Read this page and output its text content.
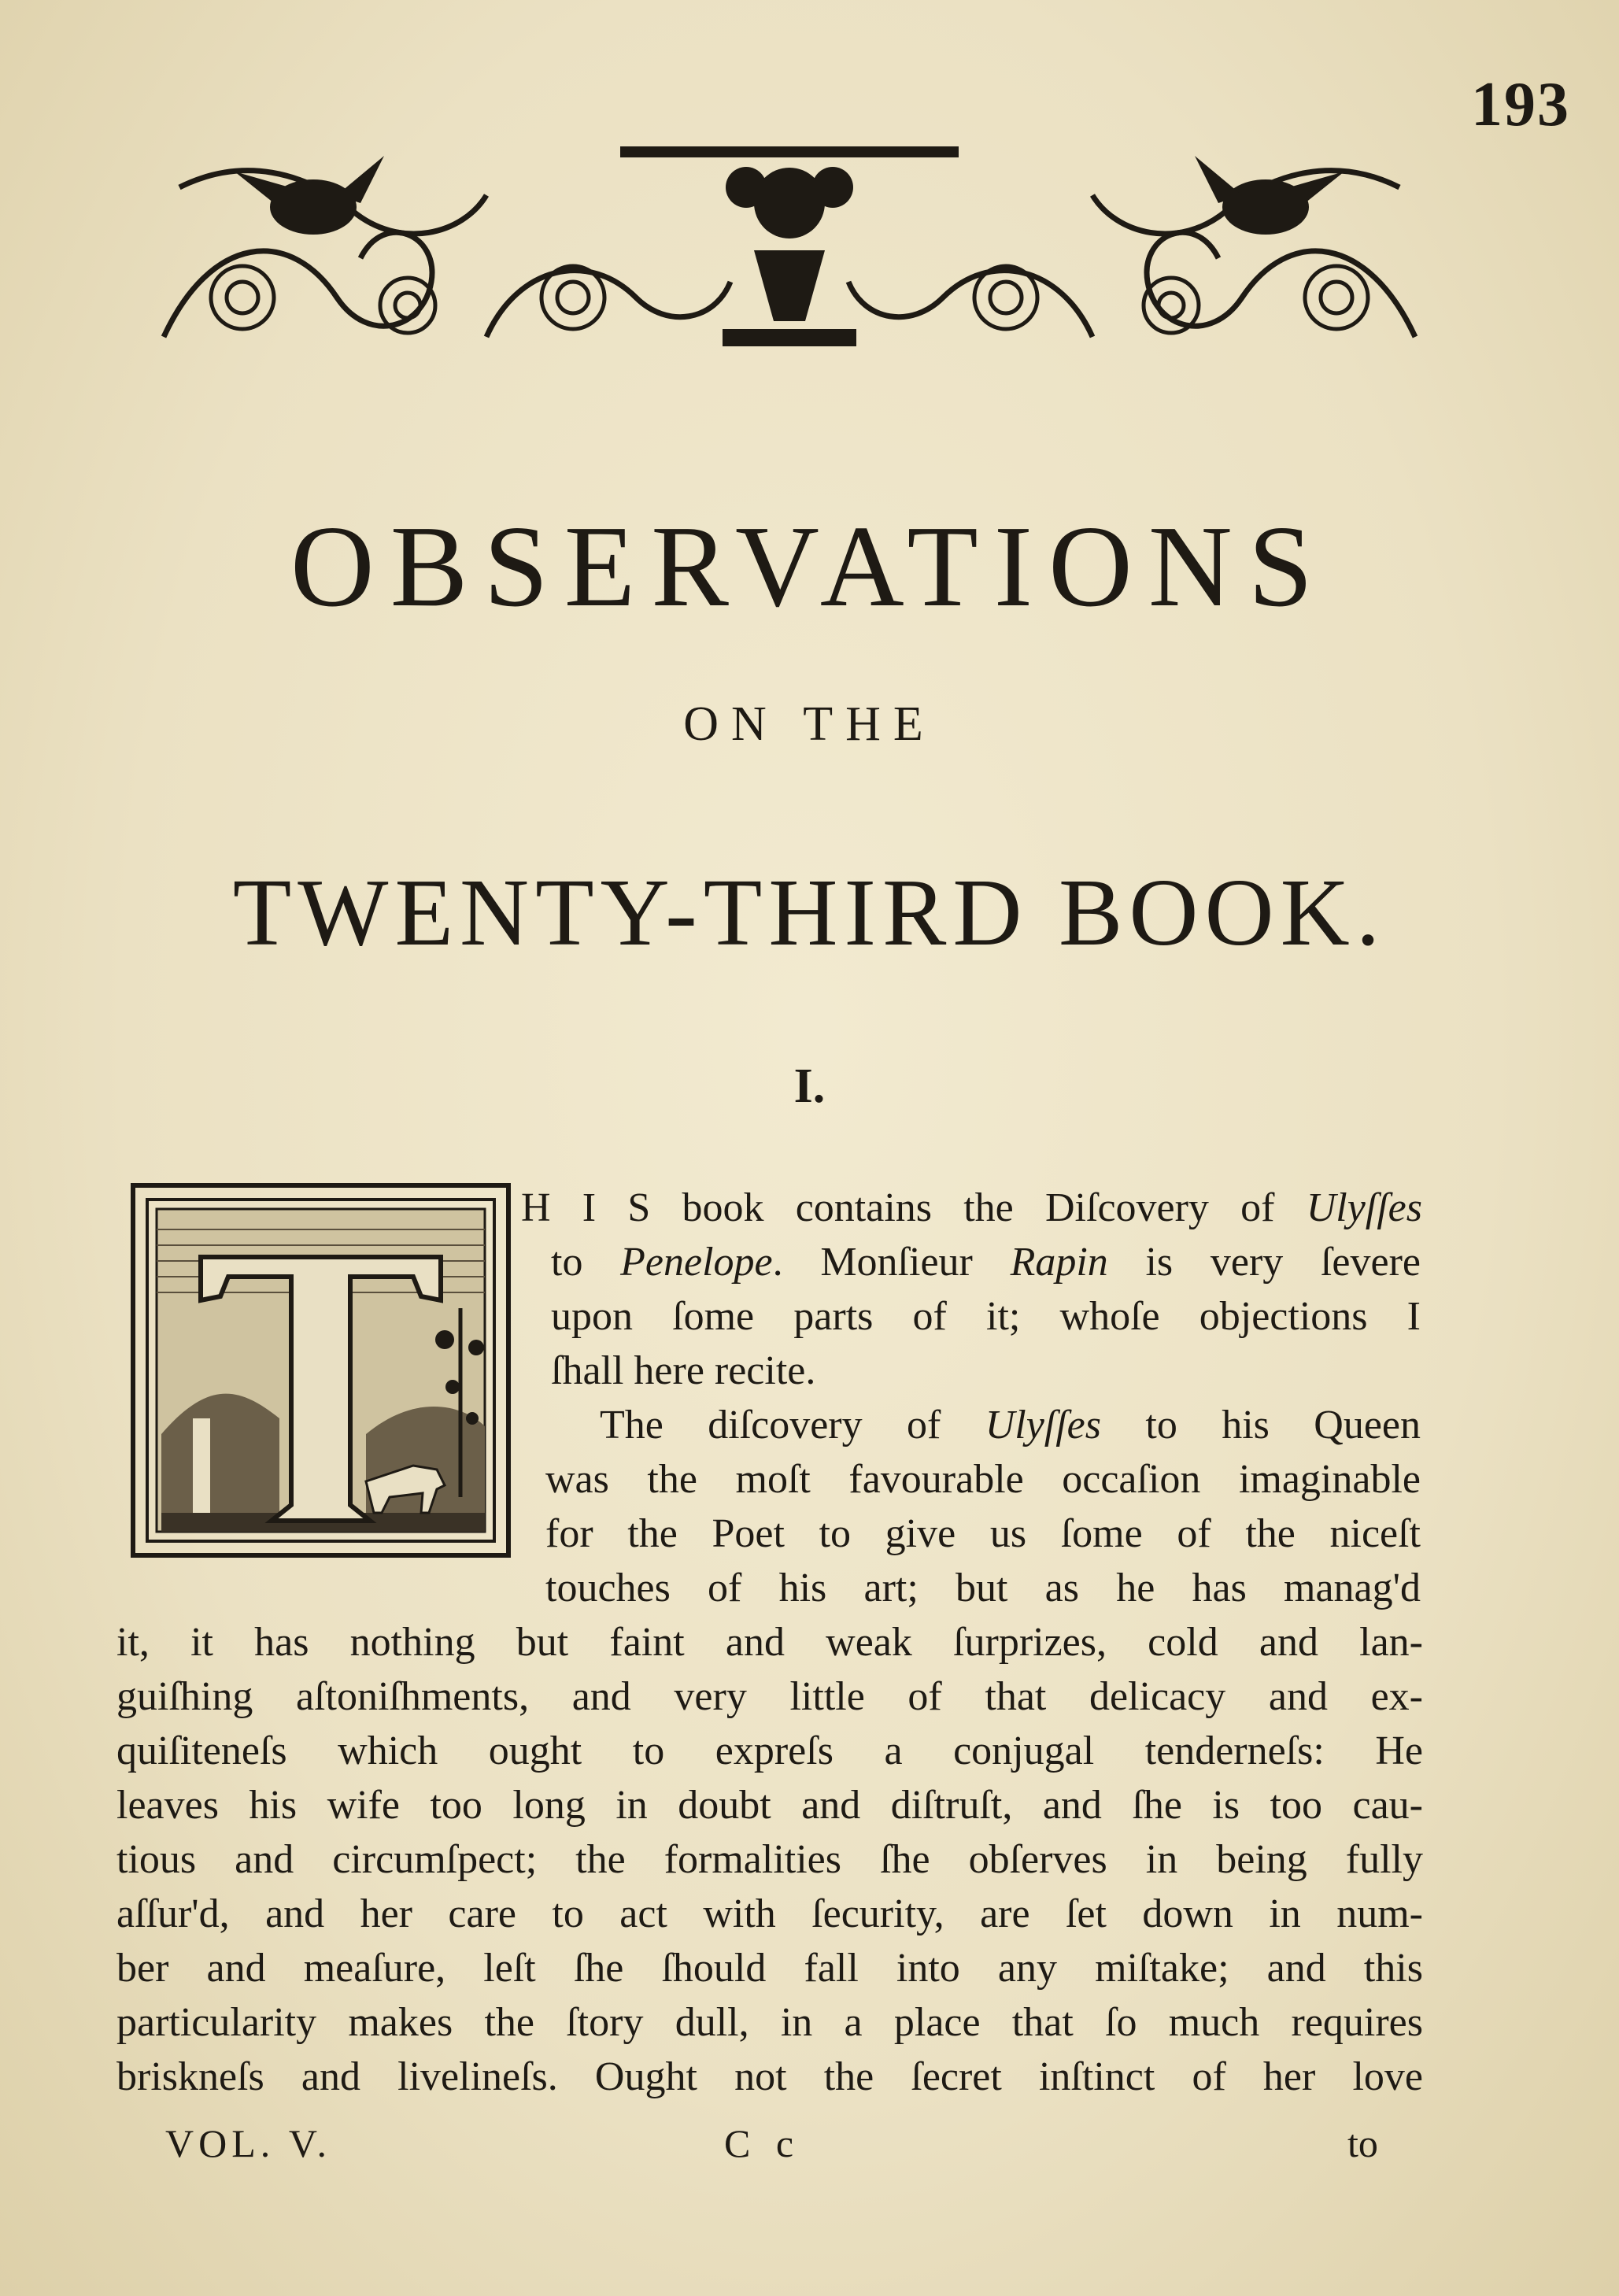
193
OBSERVATIONS
ON THE
TWENTY-THIRD BOOK.
I.
H I S book contains the Diſcovery of Ulyſſes
to Penelope. Monſieur Rapin is very ſevere
upon ſome parts of it; whoſe objections I
ſhall here recite.
The diſcovery of Ulyſſes to his Queen
was the moſt favourable occaſion imaginable
for the Poet to give us ſome of the niceſt
touches of his art; but as he has manag'd
it, it has nothing but faint and weak ſurprizes, cold and lan-
guiſhing aſtoniſhments, and very little of that delicacy and ex-
quiſiteneſs which ought to expreſs a conjugal tenderneſs: He
leaves his wife too long in doubt and diſtruſt, and ſhe is too cau-
tious and circumſpect; the formalities ſhe obſerves in being fully
aſſur'd, and her care to act with ſecurity, are ſet down in num-
ber and meaſure, leſt ſhe ſhould fall into any miſtake; and this
particularity makes the ſtory dull, in a place that ſo much requires
briskneſs and livelineſs. Ought not the ſecret inſtinct of her love
VOL. V.	C c	to
